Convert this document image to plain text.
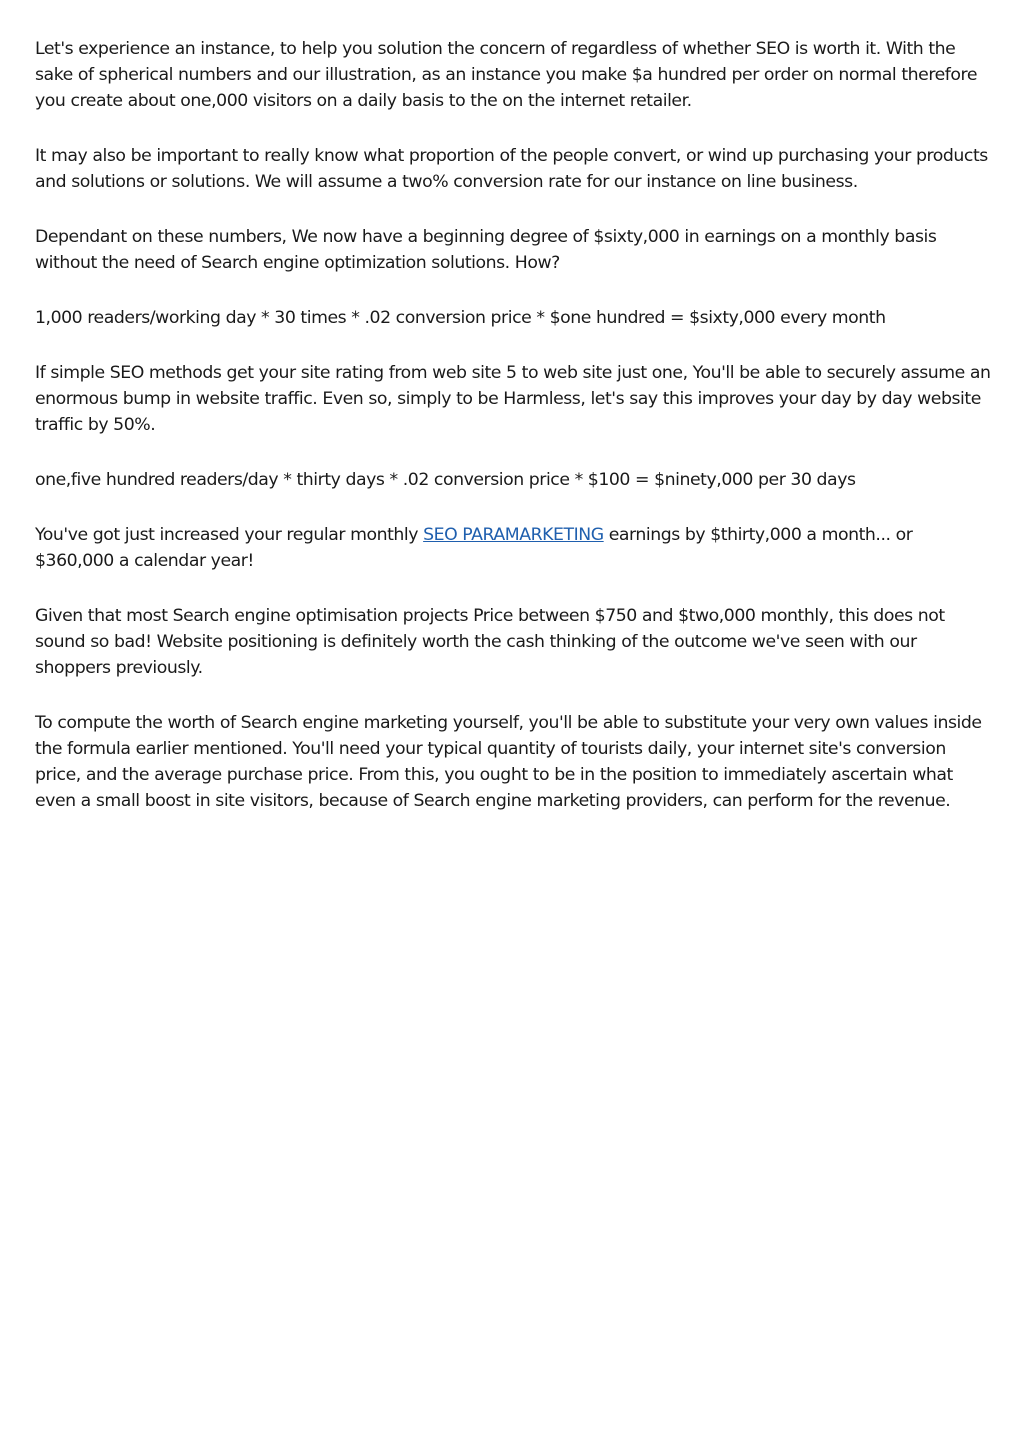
Let's experience an instance, to help you solution the concern of regardless of whether SEO is worth it. With the sake of spherical numbers and our illustration, as an instance you make $a hundred per order on normal therefore you create about one,000 visitors on a daily basis to the on the internet retailer.

It may also be important to really know what proportion of the people convert, or wind up purchasing your products and solutions or solutions. We will assume a two% conversion rate for our instance on line business.

Dependant on these numbers, We now have a beginning degree of $sixty,000 in earnings on a monthly basis without the need of Search engine optimization solutions. How?

1,000 readers/working day * 30 times * .02 conversion price * $one hundred = $sixty,000 every month

If simple SEO methods get your site rating from web site 5 to web site just one, You'll be able to securely assume an enormous bump in website traffic. Even so, simply to be Harmless, let's say this improves your day by day website traffic by 50%.

one,five hundred readers/day * thirty days * .02 conversion price * $100 = $ninety,000 per 30 days

You've got just increased your regular monthly SEO PARAMARKETING earnings by $thirty,000 a month... or $360,000 a calendar year!

Given that most Search engine optimisation projects Price between $750 and $two,000 monthly, this does not sound so bad! Website positioning is definitely worth the cash thinking of the outcome we've seen with our shoppers previously.

To compute the worth of Search engine marketing yourself, you'll be able to substitute your very own values inside the formula earlier mentioned. You'll need your typical quantity of tourists daily, your internet site's conversion price, and the average purchase price. From this, you ought to be in the position to immediately ascertain what even a small boost in site visitors, because of Search engine marketing providers, can perform for the revenue.
